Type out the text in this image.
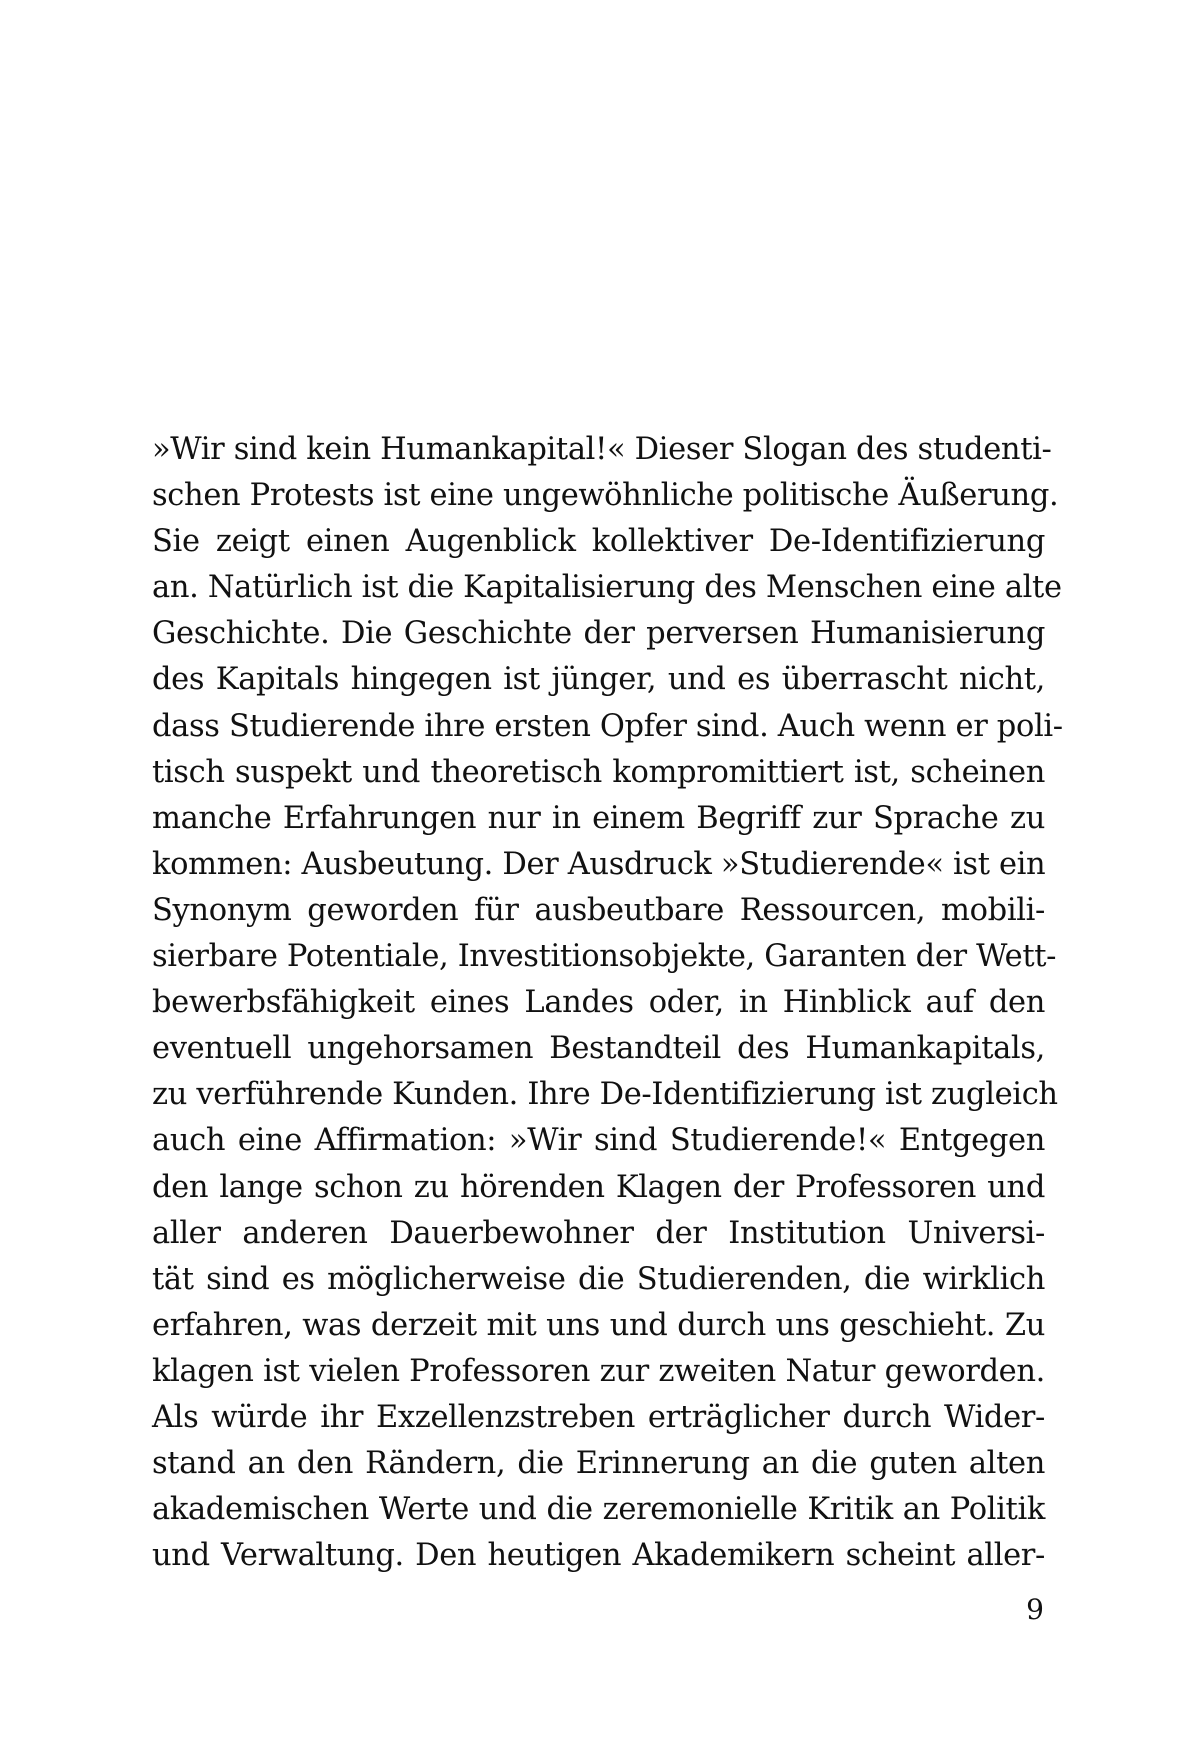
»Wir sind kein Humankapital!« Dieser Slogan des studenti-
schen Protests ist eine ungewöhnliche politische Äußerung.
Sie zeigt einen Augenblick kollektiver De-Identifizierung
an. Natürlich ist die Kapitalisierung des Menschen eine alte
Geschichte. Die Geschichte der perversen Humanisierung
des Kapitals hingegen ist jünger, und es überrascht nicht,
dass Studierende ihre ersten Opfer sind. Auch wenn er poli-
tisch suspekt und theoretisch kompromittiert ist, scheinen
manche Erfahrungen nur in einem Begriff zur Sprache zu
kommen: Ausbeutung. Der Ausdruck »Studierende« ist ein
Synonym geworden für ausbeutbare Ressourcen, mobili-
sierbare Potentiale, Investitionsobjekte, Garanten der Wett-
bewerbsfähigkeit eines Landes oder, in Hinblick auf den
eventuell ungehorsamen Bestandteil des Humankapitals,
zu verführende Kunden. Ihre De-Identifizierung ist zugleich
auch eine Affirmation: »Wir sind Studierende!« Entgegen
den lange schon zu hörenden Klagen der Professoren und
aller anderen Dauerbewohner der Institution Universi-
tät sind es möglicherweise die Studierenden, die wirklich
erfahren, was derzeit mit uns und durch uns geschieht. Zu
klagen ist vielen Professoren zur zweiten Natur geworden.
Als würde ihr Exzellenzstreben erträglicher durch Wider-
stand an den Rändern, die Erinnerung an die guten alten
akademischen Werte und die zeremonielle Kritik an Politik
und Verwaltung. Den heutigen Akademikern scheint aller-
9
